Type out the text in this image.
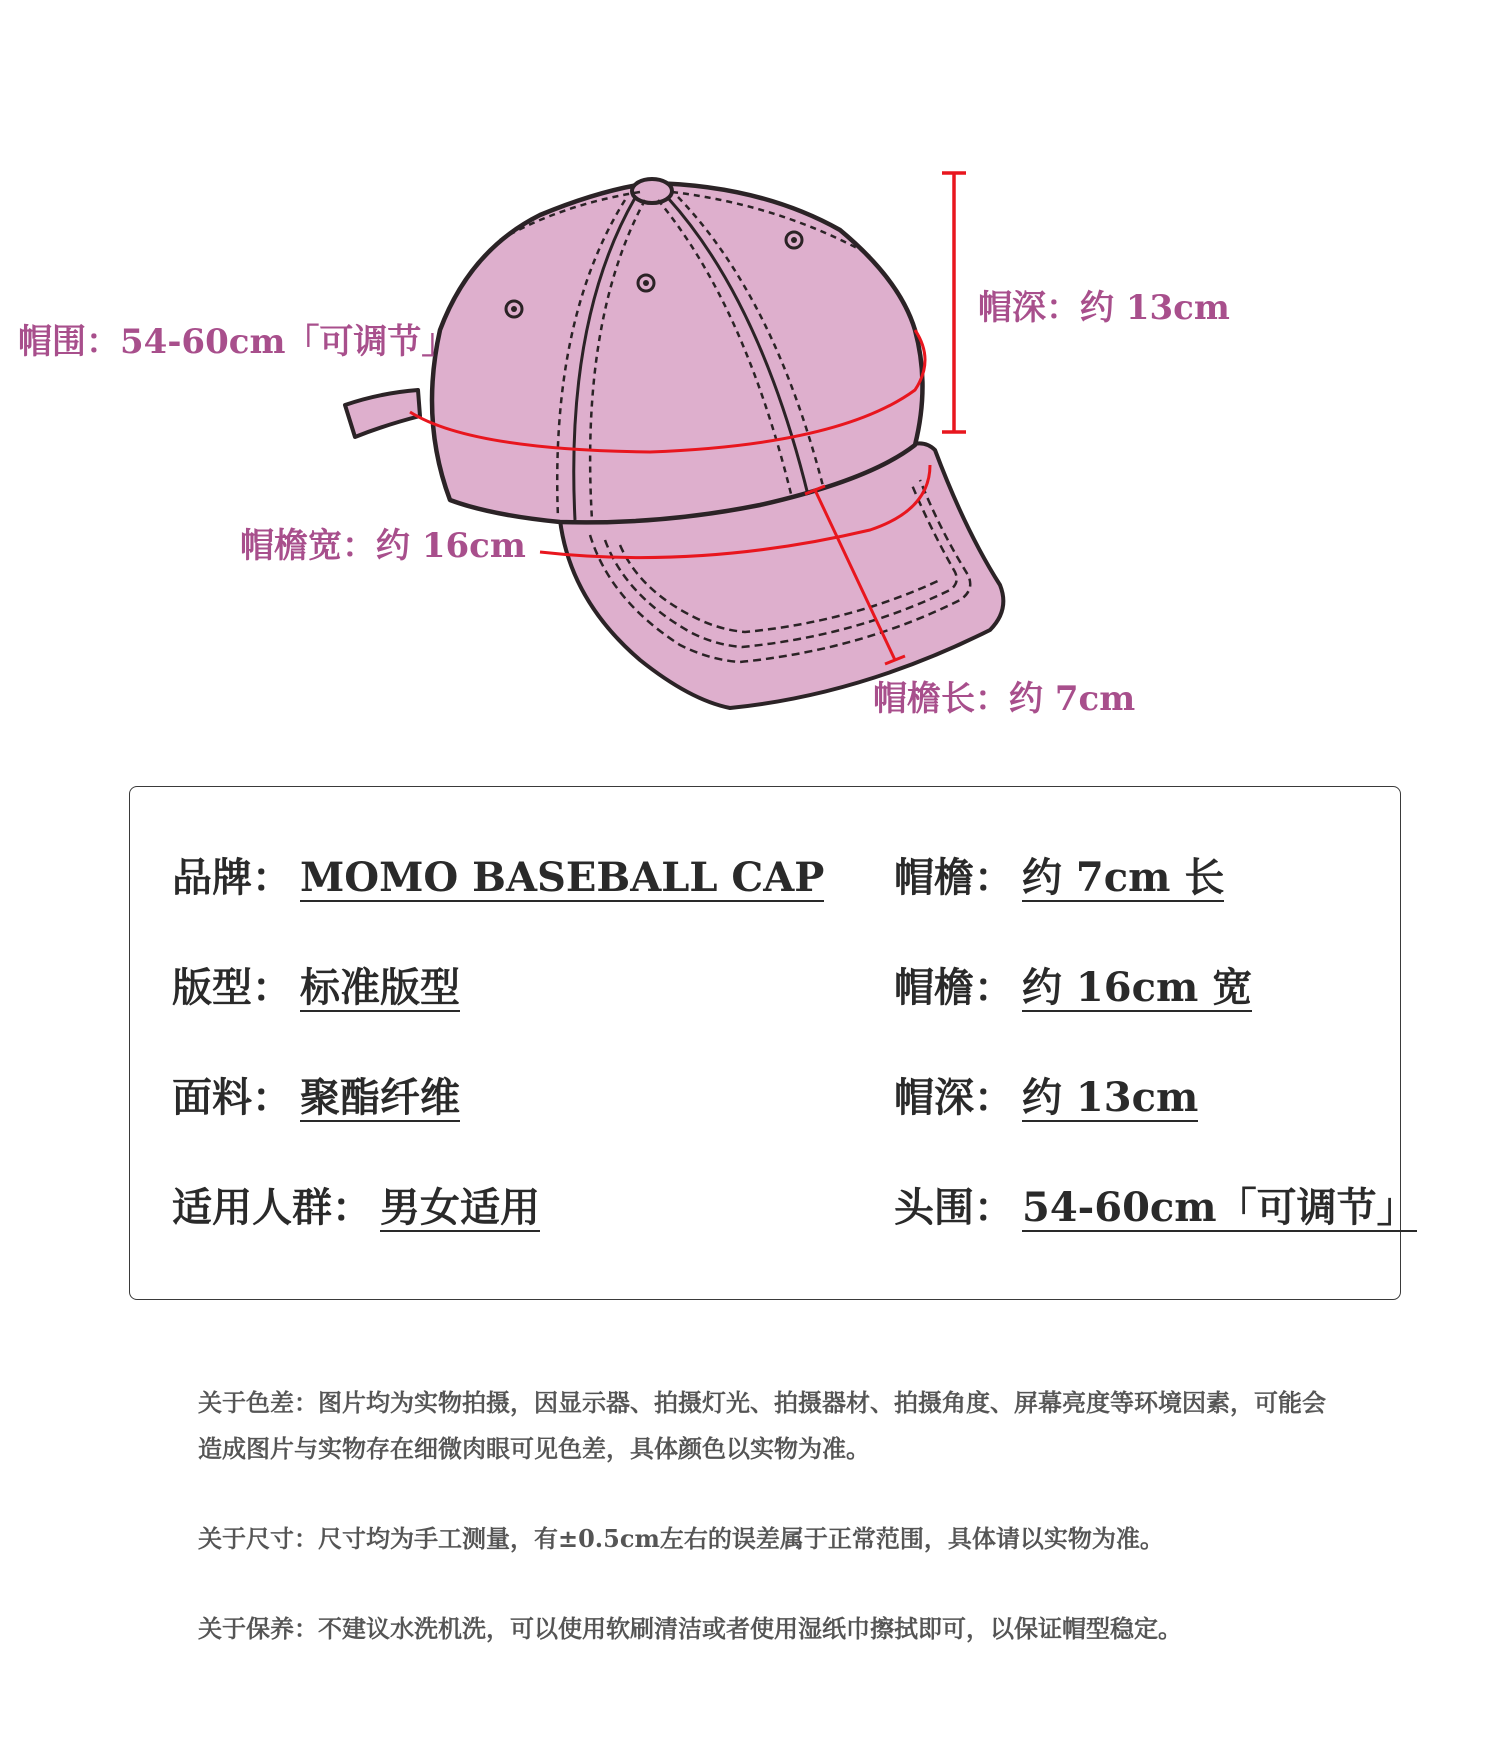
帽围：54-60cm「可调节」
帽深：约 13cm
帽檐宽：约 16cm
帽檐长：约 7cm
品牌： MOMO BASEBALL CAP 帽檐： 约 7cm 长
版型： 标准版型	帽檐： 约 16cm 宽
面料： 聚酯纤维	帽深： 约 13cm
适用人群： 男女适用	头围： 54-60cm「可调节」
关于色差：图片均为实物拍摄，因显示器、拍摄灯光、拍摄器材、拍摄角度、屏幕亮度等环境因素，可能会造成图片与实物存在细微肉眼可见色差，具体颜色以实物为准。
关于尺寸：尺寸均为手工测量，有±0.5cm左右的误差属于正常范围，具体请以实物为准。
关于保养：不建议水洗机洗，可以使用软刷清洁或者使用湿纸巾擦拭即可，以保证帽型稳定。
